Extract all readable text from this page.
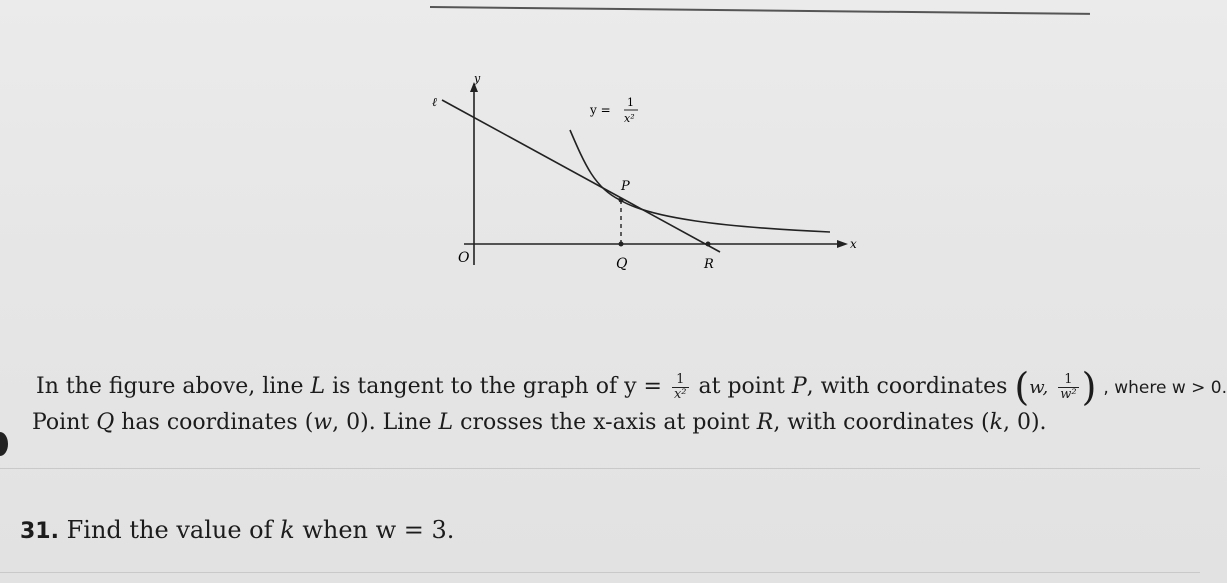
y
x
ℓ
y =
1
x²
O
P
Q	R
In the figure above, line L is tangent to the graph of $y = \frac{1}{\text{x²}}$ at point P, with coordinates (w, $\frac{1}{\text{w²}}$ ) , where w > 0.
Point Q has coordinates (w, 0). Line L crosses the x-axis at point R, with coordinates (k, 0).
31. Find the value of k when w = 3.
